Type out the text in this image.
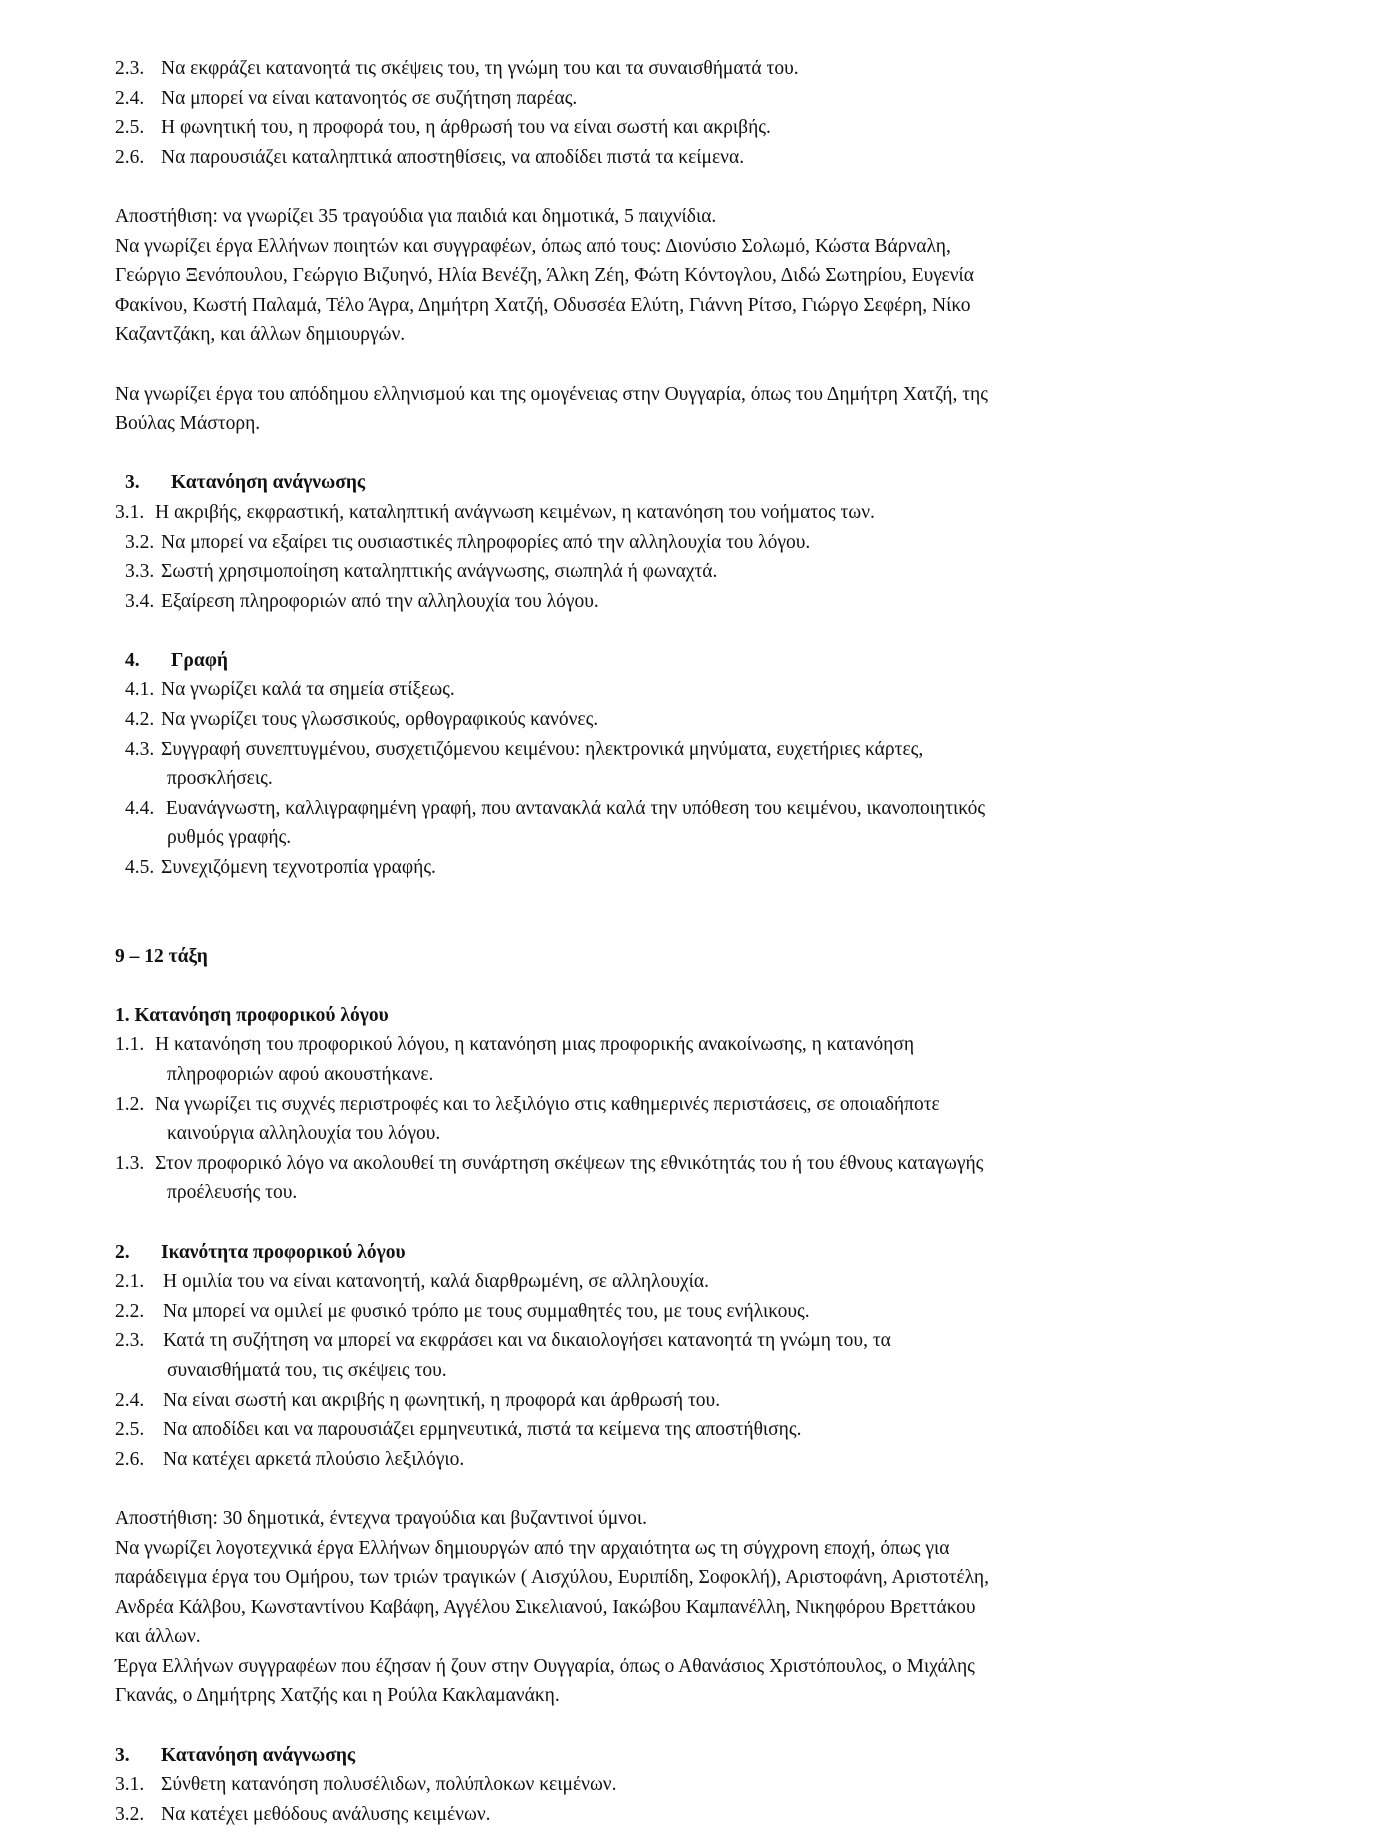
2.3. Να εκφράζει κατανοητά τις σκέψεις του, τη γνώμη του και τα συναισθήματά του.
2.4. Να μπορεί να είναι κατανοητός σε συζήτηση παρέας.
2.5. Η φωνητική του, η προφορά του, η άρθρωσή του να είναι σωστή και ακριβής.
2.6. Να παρουσιάζει καταληπτικά αποστηθίσεις, να αποδίδει πιστά τα κείμενα.
Αποστήθιση: να γνωρίζει 35 τραγούδια για παιδιά και δημοτικά, 5 παιχνίδια.
Να γνωρίζει έργα Ελλήνων ποιητών και συγγραφέων, όπως από τους: Διονύσιο Σολωμό, Κώστα Βάρναλη,
Γεώργιο Ξενόπουλου, Γεώργιο Βιζυηνό, Ηλία Βενέζη, Άλκη Ζέη, Φώτη Κόντογλου, Διδώ Σωτηρίου, Ευγενία
Φακίνου, Κωστή Παλαμά, Τέλο Άγρα, Δημήτρη Χατζή, Οδυσσέα Ελύτη, Γιάννη Ρίτσο, Γιώργο Σεφέρη, Νίκο
Καζαντζάκη, και άλλων δημιουργών.
Να γνωρίζει έργα του απόδημου ελληνισμού και της ομογένειας στην Ουγγαρία, όπως του Δημήτρη Χατζή, της
Βούλας Μάστορη.
3. Κατανόηση ανάγνωσης
3.1. Η ακριβής, εκφραστική, καταληπτική ανάγνωση κειμένων, η κατανόηση του νοήματος των.
3.2. Να μπορεί να εξαίρει τις ουσιαστικές πληροφορίες από την αλληλουχία του λόγου.
3.3. Σωστή χρησιμοποίηση καταληπτικής ανάγνωσης, σιωπηλά ή φωναχτά.
3.4. Εξαίρεση πληροφοριών από την αλληλουχία του λόγου.
4. Γραφή
4.1. Να γνωρίζει καλά τα σημεία στίξεως.
4.2. Να γνωρίζει τους γλωσσικούς, ορθογραφικούς κανόνες.
4.3. Συγγραφή συνεπτυγμένου, συσχετιζόμενου κειμένου: ηλεκτρονικά μηνύματα, ευχετήριες κάρτες,
προσκλήσεις.
4.4. Ευανάγνωστη, καλλιγραφημένη γραφή, που αντανακλά καλά την υπόθεση του κειμένου, ικανοποιητικός
ρυθμός γραφής.
4.5. Συνεχιζόμενη τεχνοτροπία γραφής.
9 – 12 τάξη
1. Κατανόηση προφορικού λόγου
1.1. Η κατανόηση του προφορικού λόγου, η κατανόηση μιας προφορικής ανακοίνωσης, η κατανόηση
πληροφοριών αφού ακουστήκανε.
1.2. Να γνωρίζει τις συχνές περιστροφές και το λεξιλόγιο στις καθημερινές περιστάσεις, σε οποιαδήποτε
καινούργια αλληλουχία του λόγου.
1.3. Στον προφορικό λόγο να ακολουθεί τη συνάρτηση σκέψεων της εθνικότητάς του ή του έθνους καταγωγής
προέλευσής του.
2. Ικανότητα προφορικού λόγου
2.1. Η ομιλία του να είναι κατανοητή, καλά διαρθρωμένη, σε αλληλουχία.
2.2. Να μπορεί να ομιλεί με φυσικό τρόπο με τους συμμαθητές του, με τους ενήλικους.
2.3. Κατά τη συζήτηση να μπορεί να εκφράσει και να δικαιολογήσει κατανοητά τη γνώμη του, τα
συναισθήματά του, τις σκέψεις του.
2.4. Να είναι σωστή και ακριβής η φωνητική, η προφορά και άρθρωσή του.
2.5. Να αποδίδει και να παρουσιάζει ερμηνευτικά, πιστά τα κείμενα της αποστήθισης.
2.6. Να κατέχει αρκετά πλούσιο λεξιλόγιο.
Αποστήθιση: 30 δημοτικά, έντεχνα τραγούδια και βυζαντινοί ύμνοι.
Να γνωρίζει λογοτεχνικά έργα Ελλήνων δημιουργών από την αρχαιότητα ως τη σύγχρονη εποχή, όπως για
παράδειγμα έργα του Ομήρου, των τριών τραγικών ( Αισχύλου, Ευριπίδη, Σοφοκλή), Αριστοφάνη, Αριστοτέλη,
Ανδρέα Κάλβου, Κωνσταντίνου Καβάφη, Αγγέλου Σικελιανού, Ιακώβου Καμπανέλλη, Νικηφόρου Βρεττάκου
και άλλων.
Έργα Ελλήνων συγγραφέων που έζησαν ή ζουν στην Ουγγαρία, όπως ο Αθανάσιος Χριστόπουλος, ο Μιχάλης
Γκανάς, ο Δημήτρης Χατζής και η Ρούλα Κακλαμανάκη.
3. Κατανόηση ανάγνωσης
3.1. Σύνθετη κατανόηση πολυσέλιδων, πολύπλοκων κειμένων.
3.2. Να κατέχει μεθόδους ανάλυσης κειμένων.
